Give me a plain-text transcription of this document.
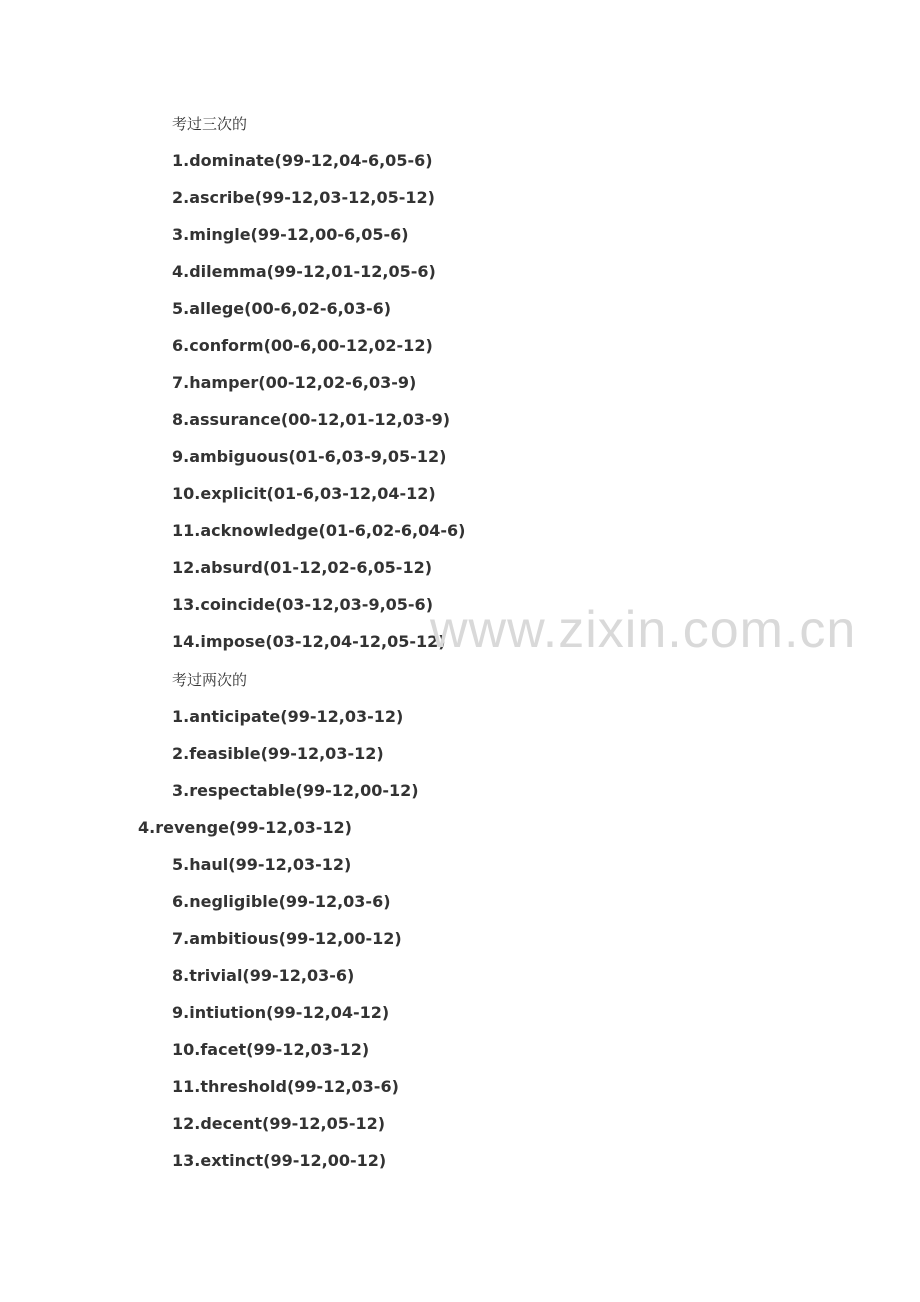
考过三次的
1.dominate(99-12,04-6,05-6)
2.ascribe(99-12,03-12,05-12)
3.mingle(99-12,00-6,05-6)
4.dilemma(99-12,01-12,05-6)
5.allege(00-6,02-6,03-6)
6.conform(00-6,00-12,02-12)
7.hamper(00-12,02-6,03-9)
8.assurance(00-12,01-12,03-9)
9.ambiguous(01-6,03-9,05-12)
10.explicit(01-6,03-12,04-12)
11.acknowledge(01-6,02-6,04-6)
12.absurd(01-12,02-6,05-12)
13.coincide(03-12,03-9,05-6)
14.impose(03-12,04-12,05-12)
考过两次的
1.anticipate(99-12,03-12)
2.feasible(99-12,03-12)
3.respectable(99-12,00-12)
4.revenge(99-12,03-12)
5.haul(99-12,03-12)
6.negligible(99-12,03-6)
7.ambitious(99-12,00-12)
8.trivial(99-12,03-6)
9.intiution(99-12,04-12)
10.facet(99-12,03-12)
11.threshold(99-12,03-6)
12.decent(99-12,05-12)
13.extinct(99-12,00-12)
www.zixin.com.cn
